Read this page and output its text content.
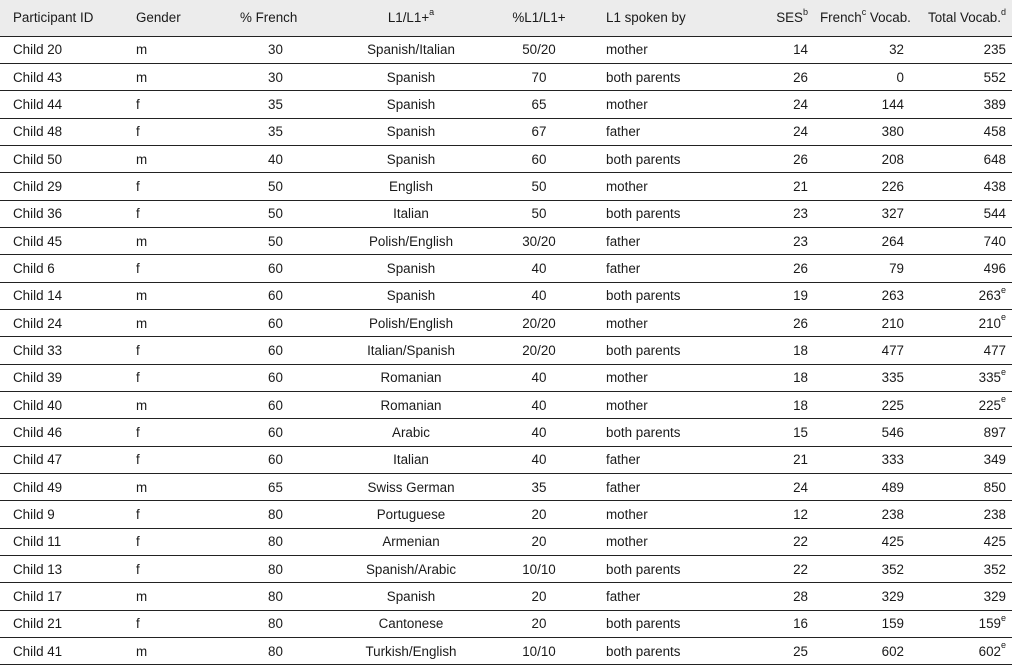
Participant ID	Gender	% French	L1/L1+$^a$	%L1/L1+	L1 spoken by	SES$^b$	French$^c$ Vocab.	Total Vocab.$^d$
Child 20	m	30	Spanish/Italian	50/20	mother	14	32	235
Child 43	m	30	Spanish	70	both parents	26	0	552
Child 44	f	35	Spanish	65	mother	24	144	389
Child 48	f	35	Spanish	67	father	24	380	458
Child 50	m	40	Spanish	60	both parents	26	208	648
Child 29	f	50	English	50	mother	21	226	438
Child 36	f	50	Italian	50	both parents	23	327	544
Child 45	m	50	Polish/English	30/20	father	23	264	740
Child 6	f	60	Spanish	40	father	26	79	496
Child 14	m	60	Spanish	40	both parents	19	263	263e
Child 24	m	60	Polish/English	20/20	mother	26	210	210e
Child 33	f	60	Italian/Spanish	20/20	both parents	18	477	477
Child 39	f	60	Romanian	40	mother	18	335	335e
Child 40	m	60	Romanian	40	mother	18	225	225e
Child 46	f	60	Arabic	40	both parents	15	546	897
Child 47	f	60	Italian	40	father	21	333	349
Child 49	m	65	Swiss German	35	father	24	489	850
Child 9	f	80	Portuguese	20	mother	12	238	238
Child 11	f	80	Armenian	20	mother	22	425	425
Child 13	f	80	Spanish/Arabic	10/10	both parents	22	352	352
Child 17	m	80	Spanish	20	father	28	329	329
Child 21	f	80	Cantonese	20	both parents	16	159	159e
Child 41	m	80	Turkish/English	10/10	both parents	25	602	602e
